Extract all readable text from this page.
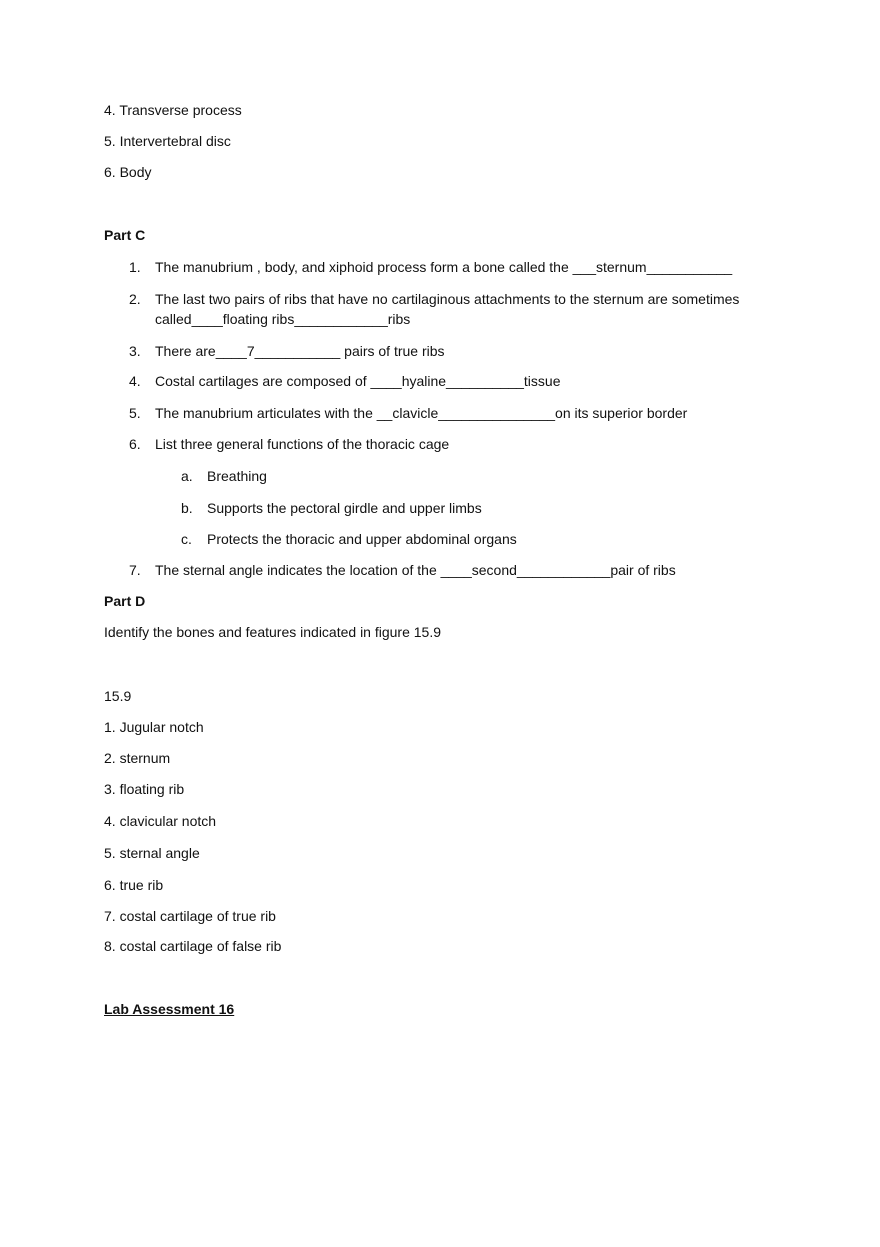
4. Transverse process
5. Intervertebral disc
6. Body
Part C
1. The manubrium , body, and xiphoid process form a bone called the ___sternum___________
2. The last two pairs of ribs that have no cartilaginous attachments to the sternum are sometimes called____floating ribs____________ribs
3. There are____7___________ pairs of true ribs
4. Costal cartilages are composed of ____hyaline__________tissue
5. The manubrium articulates with the __clavicle_______________on its superior border
6. List three general functions of the thoracic cage
a. Breathing
b. Supports the pectoral girdle and upper limbs
c. Protects the thoracic and upper abdominal organs
7. The sternal angle indicates the location of the ____second____________pair of ribs
Part D
Identify the bones and features indicated in figure 15.9
15.9
1. Jugular notch
2. sternum
3. floating rib
4. clavicular notch
5. sternal angle
6. true rib
7. costal cartilage of true rib
8. costal cartilage of false rib
Lab Assessment 16
